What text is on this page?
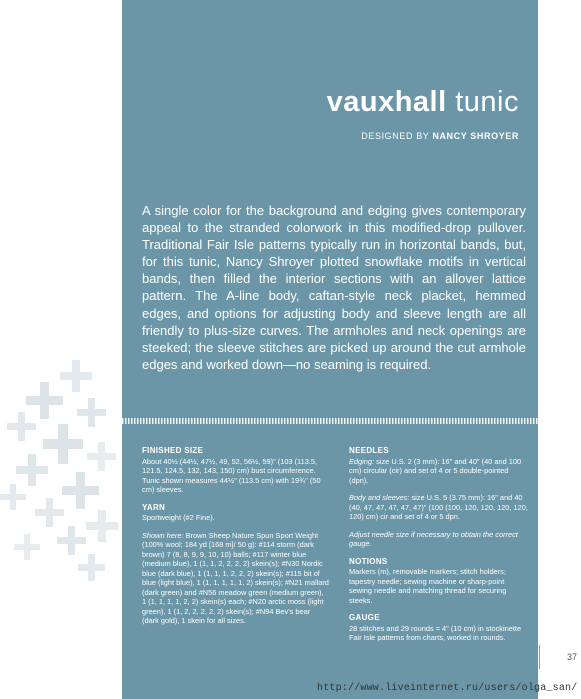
vauxhall tunic
DESIGNED BY NANCY SHROYER

A single color for the background and edging gives contemporary appeal to the stranded colorwork in this modified-drop pullover. Traditional Fair Isle patterns typically run in horizontal bands, but, for this tunic, Nancy Shroyer plotted snowflake motifs in vertical bands, then filled the interior sections with an allover lattice pattern. The A-line body, caftan-style neck placket, hemmed edges, and options for adjusting body and sleeve length are all friendly to plus-size curves. The armholes and neck openings are steeked; the sleeve stitches are picked up around the cut armhole edges and worked down—no seaming is required.

FINISHED SIZE

About 40½ (44½, 47½, 49, 52, 56½, 59)" (103 (113.5, 121.5, 124.5, 132, 143, 150) cm) bust circumference. Tunic shown measures 44½" (113.5 cm) with 19¾" (50 cm) sleeves.

YARN

Sportweight (#2 Fine).

Shown here: Brown Sheep Nature Spun Sport Weight (100% wool; 184 yd [168 m]/ 50 g): #114 storm (dark brown) 7 (8, 8, 9, 9, 10, 10) balls; #117 winter blue (medium blue), 1 (1, 1, 2, 2, 2, 2) skein(s); #N30 Nordic blue (dark blue), 1 (1, 1, 1, 2, 2, 2) skein(s); #115 bit of blue (light blue), 1 (1, 1, 1, 1, 1, 2) skein(s); #N21 mallard (dark green) and #N56 meadow green (medium green), 1 (1, 1, 1, 1, 2, 2) skein(s) each; #N20 arctic moss (light green), 1 (1, 2, 2, 2, 2, 2) skein(s); #N94 Bev's bear (dark gold), 1 skein for all sizes.

NEEDLES

Edging: size U.S. 2 (3 mm): 16" and 40" (40 and 100 cm) circular (cir) and set of 4 or 5 double-pointed (dpn).

Body and sleeves: size U.S. 5 (3.75 mm): 16" and 40 (40, 47, 47, 47, 47, 47)" (100 (100, 120, 120, 120, 120, 120) cm) cir and set of 4 or 5 dpn.

Adjust needle size if necessary to obtain the correct gauge.

NOTIONS

Markers (m), removable markers; stitch holders; tapestry needle; sewing machine or sharp-point sewing needle and matching thread for securing steeks.

GAUGE

28 stitches and 29 rounds = 4" (10 cm) in stockinette Fair Isle patterns from charts, worked in rounds.

37
http://www.liveinternet.ru/users/olga_san/
